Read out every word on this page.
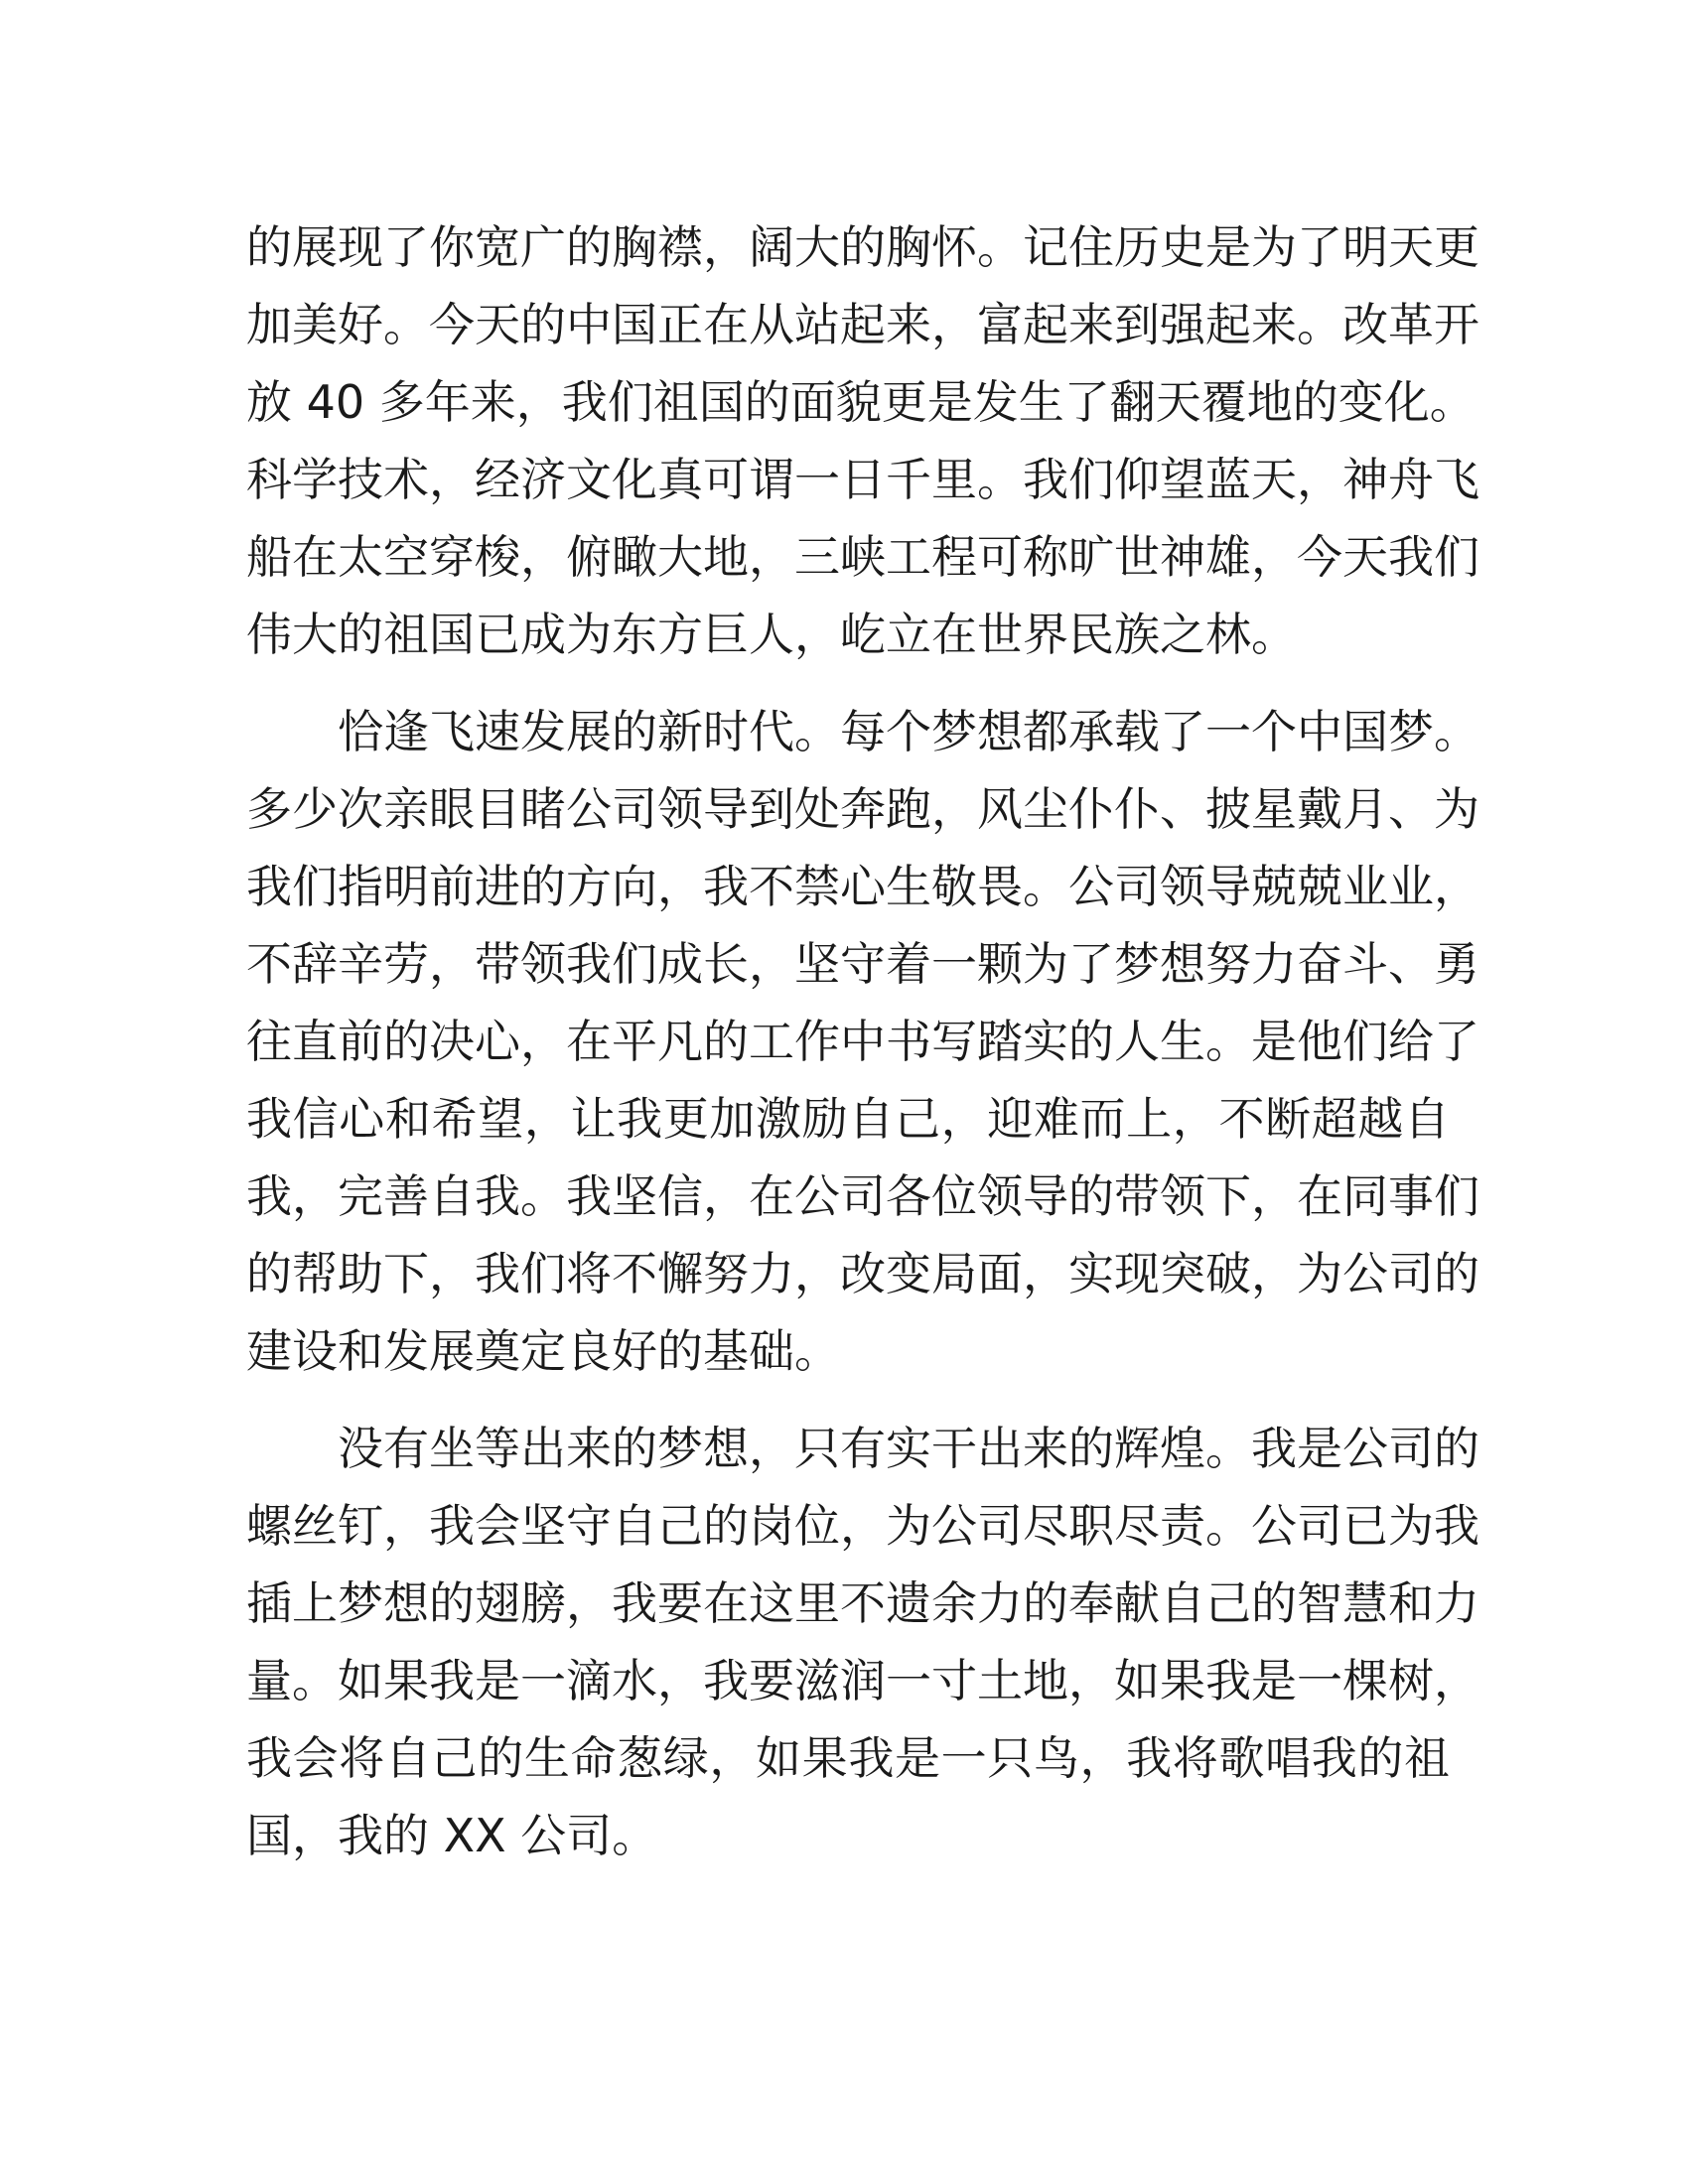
的展现了你宽广的胸襟，阔大的胸怀。记住历史是为了明天更
加美好。今天的中国正在从站起来，富起来到强起来。改革开
放 40 多年来，我们祖国的面貌更是发生了翻天覆地的变化。
科学技术，经济文化真可谓一日千里。我们仰望蓝天，神舟飞
船在太空穿梭，俯瞰大地，三峡工程可称旷世神雄，今天我们
伟大的祖国已成为东方巨人，屹立在世界民族之林。

恰逢飞速发展的新时代。每个梦想都承载了一个中国梦。
多少次亲眼目睹公司领导到处奔跑，风尘仆仆、披星戴月、为
我们指明前进的方向，我不禁心生敬畏。公司领导兢兢业业，
不辞辛劳，带领我们成长，坚守着一颗为了梦想努力奋斗、勇
往直前的决心，在平凡的工作中书写踏实的人生。是他们给了
我信心和希望，让我更加激励自己，迎难而上，不断超越自
我，完善自我。我坚信，在公司各位领导的带领下，在同事们
的帮助下，我们将不懈努力，改变局面，实现突破，为公司的
建设和发展奠定良好的基础。

没有坐等出来的梦想，只有实干出来的辉煌。我是公司的
螺丝钉，我会坚守自己的岗位，为公司尽职尽责。公司已为我
插上梦想的翅膀，我要在这里不遗余力的奉献自己的智慧和力
量。如果我是一滴水，我要滋润一寸土地，如果我是一棵树，
我会将自己的生命葱绿，如果我是一只鸟，我将歌唱我的祖
国，我的 XX 公司。
